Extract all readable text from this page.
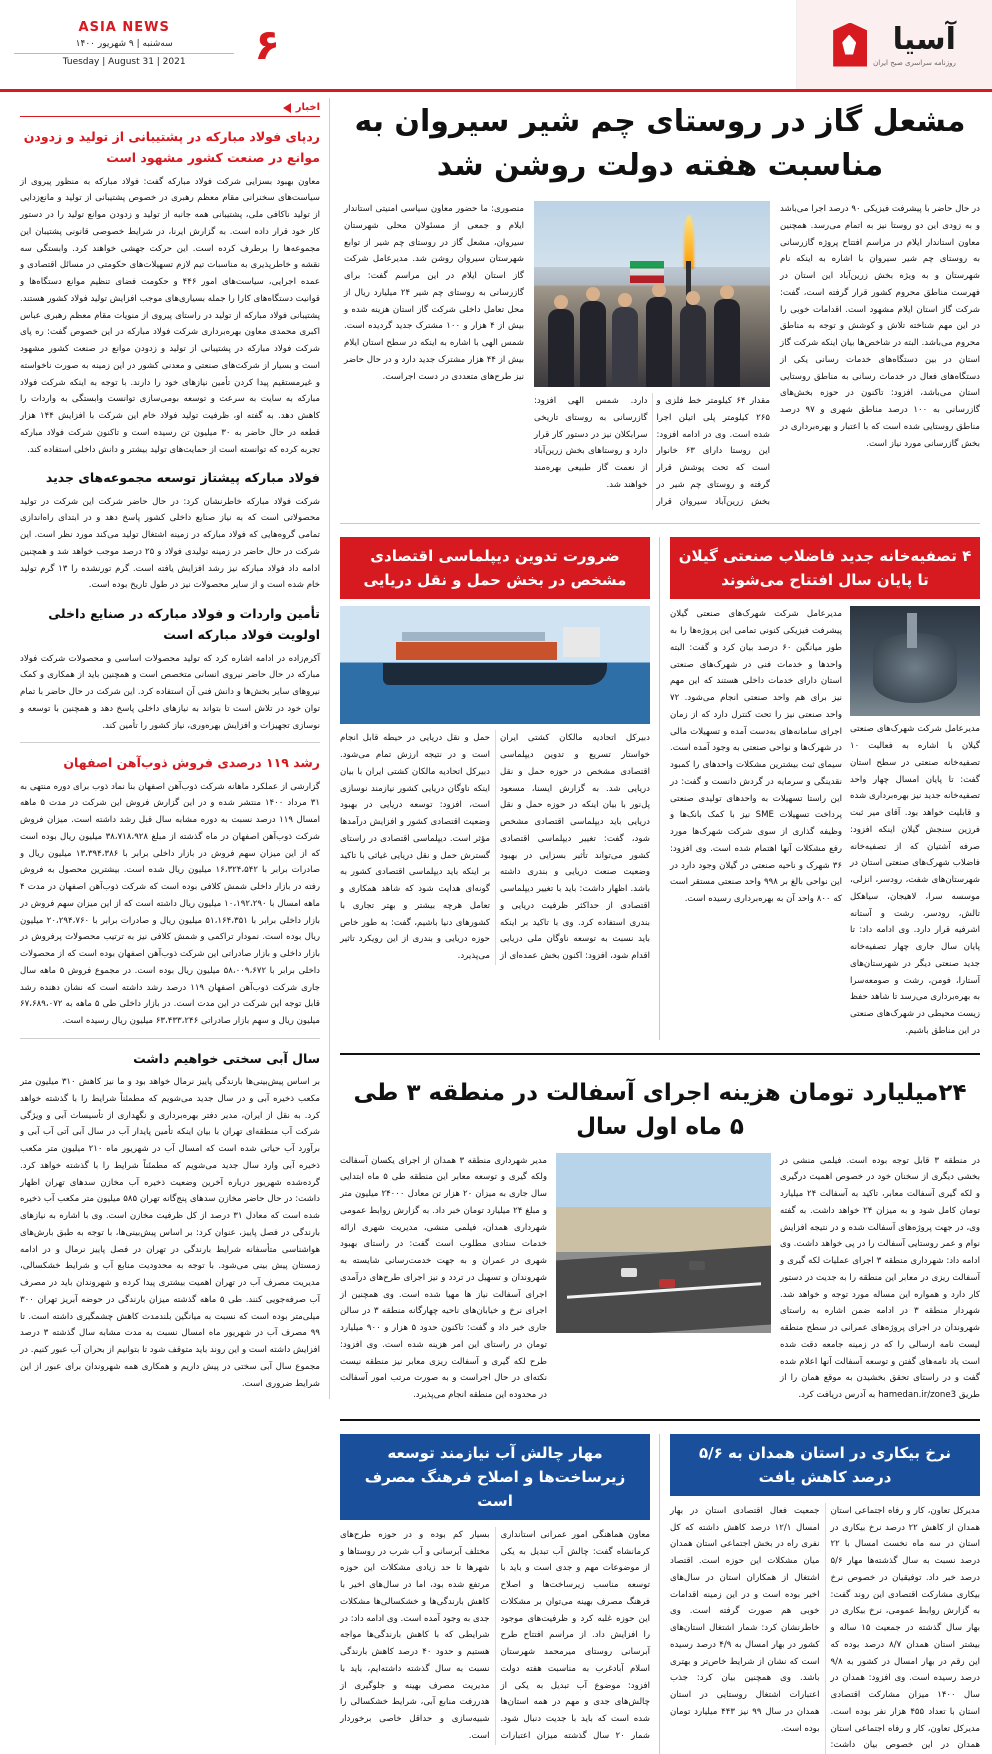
آسیا
روزنامه سراسری صبح ایران
۶
ASIA NEWS
سه‌شنبه | ۹ شهریور ۱۴۰۰
Tuesday | August 31 | 2021
مشعل گاز در روستای چم شیر سیروان به مناسبت هفته دولت روشن شد
در حال حاضر با پیشرفت فیزیکی ۹۰ درصد اجرا می‌باشد و به زودی این دو روستا نیز به اتمام می‌رسد. همچنین معاون استاندار ایلام در مراسم افتتاح پروژه گازرسانی به روستای چم شیر سیروان با اشاره به اینکه نام شهرستان و به ویژه بخش زرین‌آباد این استان در فهرست مناطق محروم کشور قرار گرفته است، گفت: شرکت گاز استان ایلام مشهود است. اقدامات خوبی را در این مهم شناخته تلاش و کوشش و توجه به مناطق محروم می‌باشد. البته در شاخص‌ها بیان اینکه شرکت گاز استان در بین دستگاه‌های خدمات رسانی یکی از دستگاه‌های فعال در خدمات رسانی به مناطق روستایی استان می‌باشد، افزود: تاکنون در حوزه بخش‌های گازرسانی به ۱۰۰ درصد مناطق شهری و ۹۷ درصد مناطق روستایی شده است که با اعتبار و بهره‌برداری در بخش گازرسانی مورد نیاز است.
مقدار ۶۴ کیلومتر خط فلزی و ۲۶۵ کیلومتر پلی اتیلن اجرا شده است. وی در ادامه افزود: این روستا دارای ۶۳ خانوار است که تحت پوشش قرار گرفته و روستای چم شیر در بخش زرین‌آباد سیروان قرار دارد. شمس الهی افزود: گازرسانی به روستای تاریخی سرابکلان نیز در دستور کار قرار دارد و روستاهای بخش زرین‌آباد از نعمت گاز طبیعی بهره‌مند خواهند شد.
منصوری: ما حضور معاون سیاسی امنیتی استاندار ایلام و جمعی از مسئولان محلی شهرستان سیروان، مشعل گاز در روستای چم شیر از توابع شهرستان سیروان روشن شد. مدیرعامل شرکت گاز استان ایلام در این مراسم گفت: برای گازرسانی به روستای چم شیر ۲۴ میلیارد ریال از محل تعامل داخلی شرکت گاز استان هزینه شده و بیش از ۴ هزار و ۱۰۰ مشترک جدید گردیده است. شمس الهی با اشاره به اینکه در سطح استان ایلام بیش از ۴۴ هزار مشترک جدید دارد و در حال حاضر نیز طرح‌های متعددی در دست اجراست.
۴ تصفیه‌خانه جدید فاضلاب صنعتی گیلان تا پایان سال افتتاح می‌شوند
مدیرعامل شرکت شهرک‌های صنعتی گیلان با اشاره به فعالیت ۱۰ تصفیه‌خانه صنعتی در سطح استان گفت: تا پایان امسال چهار واحد تصفیه‌خانه جدید نیز بهره‌برداری شده و قابلیت خواهد بود. آقای میر ثبت فرزین سنجش گیلان اینکه افزود: صرفه آشتیان که از تصفیه‌خانه فاضلاب شهرک‌های صنعتی استان در شهرستان‌های شفت، رودسر، انزلی، موسسه سرا، لاهیجان، سیاهکل تالش، رودسر، رشت و آستانه اشرفیه قرار دارد. وی ادامه داد: تا پایان سال جاری چهار تصفیه‌خانه جدید صنعتی دیگر در شهرستان‌های آستارا، فومن، رشت و صومعه‌سرا به بهره‌برداری می‌رسد تا شاهد حفظ زیست محیطی در شهرک‌های صنعتی در این مناطق باشیم.
مدیرعامل شرکت شهرک‌های صنعتی گیلان پیشرفت فیزیکی کنونی تمامی این پروژه‌ها را به طور میانگین ۶۰ درصد بیان کرد و گفت: البته واحدها و خدمات فنی در شهرک‌های صنعتی استان دارای خدمات داخلی هستند که این مهم نیز برای هم واحد صنعتی انجام می‌شود. ۷۲ واحد صنعتی نیز را تحت کنترل دارد که از زمان اجرای سامانه‌های به‌دست آمده و تسهیلات مالی در شهرک‌ها و نواحی صنعتی به وجود آمده است. سیمای ثبت بیشترین مشکلات واحدهای را کمبود نقدینگی و سرمایه در گردش دانست و گفت: در این راستا تسهیلات به واحدهای تولیدی صنعتی پرداخت تسهیلات SME نیز با کمک بانک‌ها و وظیفه گذاری از سوی شرکت شهرک‌ها مورد رفع مشکلات آنها اهتمام شده است. وی افزود: ۳۶ شهرک و ناحیه صنعتی در گیلان وجود دارد در این نواحی بالغ بر ۹۹۸ واحد صنعتی مستقر است که ۸۰۰ واحد آن به بهره‌برداری رسیده است.
ضرورت تدوین دیپلماسی اقتصادی مشخص در بخش حمل و نقل دریایی
دبیرکل اتحادیه مالکان کشتی ایران خواستار تسریع و تدوین دیپلماسی اقتصادی مشخص در حوزه حمل و نقل دریایی شد. به گزارش ایسنا، مسعود پل‌نور با بیان اینکه در حوزه حمل و نقل دریایی باید دیپلماسی اقتصادی مشخص شود، گفت: تغییر دیپلماسی اقتصادی کشور می‌تواند تأثیر بسزایی در بهبود وضعیت صنعت دریایی و بندری داشته باشد. اظهار داشت: باید با تغییر دیپلماسی اقتصادی از حداکثر ظرفیت دریایی و بندری استفاده کرد. وی با تاکید بر اینکه باید نسبت به توسعه ناوگان ملی دریایی اقدام شود، افزود: اکنون بخش عمده‌ای از حمل و نقل دریایی در حیطه قابل انجام است و در نتیجه ارزش تمام می‌شود. دبیرکل اتحادیه مالکان کشتی ایران با بیان اینکه ناوگان دریایی کشور نیازمند نوسازی است، افزود: توسعه دریایی در بهبود وضعیت اقتصادی کشور و افزایش درآمدها مؤثر است. دیپلماسی اقتصادی در راستای گسترش حمل و نقل دریایی غیاثی با تاکید بر اینکه باید دیپلماسی اقتصادی کشور به گونه‌ای هدایت شود که شاهد همکاری و تعامل هرچه بیشتر و بهتر تجاری با کشورهای دنیا باشیم، گفت: به طور خاص حوزه دریایی و بندری از این رویکرد تاثیر می‌پذیرد.
۲۴میلیارد تومان هزینه اجرای آسفالت در منطقه ۳ طی ۵ ماه اول سال
در منطقه ۳ قابل توجه بوده است. فیلمی منشی در بخشی دیگری از سخنان خود در خصوص اهمیت درگیری و لکه گیری آسفالت معابر، تاکید به آسفالت ۲۴ میلیارد تومان کامل شود و به میزان ۲۴ خواهد داشت. به گفته وی، در جهت پروژه‌های آسفالت شده و در نتیجه افزایش نوام و عمر روستایی آسفالت را در پی خواهد داشت. وی ادامه داد: شهرداری منطقه ۳ اجرای عملیات لکه گیری و آسفالت ریزی در معابر این منطقه را به جدیت در دستور کار دارد و همواره این مساله مورد توجه و خواهد شد. شهردار منطقه ۳ در ادامه ضمن اشاره به راستای شهروندان در اجرای پروژه‌های عمرانی در سطح منطقه لیست نامه ارسالی را که در زمینه جامعه دقت شده است یاد نامه‌های گفتن و توسعه آسفالت آنها اعلام شده گفت و در راستای تحقق بخشیدن به موقع همان را از طریق hamedan.ir/zone3 به آدرس دریافت کرد.
مدیر شهرداری منطقه ۳ همدان از اجرای یکسان آسفالت ولکه گیری و توسعه معابر این منطقه طی ۵ ماه ابتدایی سال جاری به میزان ۲۰ هزار تن معادل ۲۴۰۰۰ میلیون متر و مبلغ ۲۴ میلیارد تومان خبر داد. به گزارش روابط عمومی شهرداری همدان، فیلمی منشی، مدیریت شهری ارائه خدمات ستادی مطلوب است گفت: در راستای بهبود شهری در عمران و به جهت خدمت‌رسانی شایسته به شهروندان و تسهیل در تردد و نیز اجرای طرح‌های درآمدی اجرای آسفالت نیاز ها مهیا شده است. وی همچنین از اجرای نرخ و خیابان‌های ناحیه چهارگانه منطقه ۳ در سالن جاری خبر داد و گفت: تاکنون حدود ۵ هزار و ۹۰۰ میلیارد تومان در راستای این امر هزینه شده است. وی افزود: طرح لکه گیری و آسفالت ریزی معابر نیز منطقه نیست نکته‌ای در حال اجراست و به صورت مرتب امور آسفالت در محدوده این منطقه انجام می‌پذیرد.
نرخ بیکاری در استان همدان به ۵/۶ درصد کاهش یافت
مدیرکل تعاون، کار و رفاه اجتماعی استان همدان از کاهش ۲۲ درصد نرخ بیکاری در استان در سه ماه نخست امسال با ۲۲ درصد نسبت به سال گذشته‌ها مهار ۵/۶ درصد خبر داد. توفیقیان در خصوص نرخ بیکاری مشارکت اقتصادی این روند گفت: به گزارش روابط عمومی، نرخ بیکاری در بهار سال گذشته در جمعیت ۱۵ ساله و بیشتر استان همدان ۸/۷ درصد بوده که این رقم در بهار امسال در کشور به ۹/۸ درصد رسیده است. وی افزود: همدان در سال ۱۴۰۰ میزان مشارکت اقتصادی استان با تعداد ۴۵۵ هزار نفر بوده است. مدیرکل تعاون، کار و رفاه اجتماعی استان همدان در این خصوص بیان داشت: جمعیت فعال اقتصادی استان در بهار امسال ۱۲/۱ درصد کاهش داشته که کل نفری راه در بخش اجتماعی استان همدان میان مشکلات این حوزه است. اقتصاد اشتغال از همکاران استان در سال‌های اخیر بوده است و در این زمینه اقدامات خوبی هم صورت گرفته است. وی خاطرنشان کرد: شمار اشتغال استان‌های کشور در بهار امسال به ۴/۹ درصد رسیده است که نشان از شرایط خاص‌تر و بهتری باشد. وی همچنین بیان کرد: جذب اعتبارات اشتغال روستایی در استان همدان در سال ۹۹ نیز ۴۴۳ میلیارد تومان بوده است.
مهار چالش آب نیازمند توسعه زیرساخت‌ها و اصلاح فرهنگ مصرف است
معاون هماهنگی امور عمرانی استانداری کرمانشاه گفت: چالش آب تبدیل به یکی از موضوعات مهم و جدی است و باید با توسعه مناسب زیرساخت‌ها و اصلاح فرهنگ مصرف بهینه می‌توان بر مشکلات این حوزه غلبه کرد و ظرفیت‌های موجود را افزایش داد. از مراسم افتتاح طرح آبرسانی روستای میرمحمد شهرستان اسلام آبادغرب به مناسبت هفته دولت افزود: موضوع آب تبدیل به یکی از چالش‌های جدی و مهم در همه استان‌ها شده است که باید با جدیت دنبال شود. شمار ۲۰ سال گذشته میزان اعتبارات بسیار کم بوده و در حوزه طرح‌های مختلف آبرسانی و آب شرب در روستاها و شهرها تا حد زیادی مشکلات این حوزه مرتفع شده بود، اما در سال‌های اخیر با کاهش بارندگی‌ها و خشکسالی‌ها مشکلات جدی به وجود آمده است. وی ادامه داد: در شرایطی که با کاهش بارندگی‌ها مواجه هستیم و حدود ۴۰ درصد کاهش بارندگی نسبت به سال گذشته داشته‌ایم، باید با مدیریت مصرف بهینه و جلوگیری از هدررفت منابع آبی، شرایط خشکسالی را شبیه‌سازی و حداقل خاصی برخوردار است.
اخبار
ردپای فولاد مبارکه در پشتیبانی از تولید و زدودن موانع در صنعت کشور مشهود است
معاون بهبود بسزایی شرکت فولاد مبارکه گفت: فولاد مبارکه به منظور پیروی از سیاست‌های سخنرانی مقام معظم رهبری در خصوص پشتیبانی از تولید و مانع‌زدایی از تولید ناکافی ملی، پشتیبانی همه جانبه از تولید و زدودن موانع تولید را در دستور کار خود قرار داده است. به گزارش ایرنا، در شرایط خصوصی قانونی پشتیبان این مجموعه‌ها را برطرف کرده است. این حرکت جهشی خواهند کرد. وابستگی سه نقشه و خاطرپذیری به مناسبات تیم لازم تسهیلات‌های حکومتی در مسائل اقتصادی و عمده اجرایی، سیاست‌های امور ۴۴۶ و حکومت فضای تنظیم موانع دستگاه‌ها و قوانیت دستگاه‌های کارا را جمله بسیاری‌های موجب افزایش تولید فولاد کشور هستند. پشتیبانی فولاد مبارکه از تولید در راستای پیروی از منویات مقام معظم رهبری عباس اکبری محمدی معاون بهره‌برداری شرکت فولاد مبارکه در این خصوص گفت: ره پای شرکت فولاد مبارکه در پشتیبانی از تولید و زدودن موانع در صنعت کشور مشهود است و بسیار از شرکت‌های صنعتی و معدنی کشور در این زمینه به صورت ناخواسته و غیرمستقیم پیدا کردن تأمین نیازهای خود را دارند. با توجه به اینکه شرکت فولاد مبارکه به سایت به سرعت و توسعه بومی‌سازی توانست وابستگی به واردات را کاهش دهد. به گفته او، ظرفیت تولید فولاد خام این شرکت با افزایش ۱۴۴ هزار قطعه در حال حاضر به ۳۰ میلیون تن رسیده است و تاکنون شرکت فولاد مبارکه تجربه کرده که توانسته است از حمایت‌های تولید بیشتر و دانش داخلی استفاده کند.
فولاد مبارکه پیشتاز توسعه مجموعه‌های جدید
شرکت فولاد مبارکه خاطرنشان کرد: در حال حاضر شرکت این شرکت در تولید محصولاتی است که به نیاز صنایع داخلی کشور پاسخ دهد و در ابتدای راه‌اندازی تمامی گروه‌هایی که فولاد مبارکه در زمینه اشتغال تولید می‌کند مورد نظر است. این شرکت در حال حاضر در زمینه تولیدی فولاد و ۲۵ درصد موجب خواهد شد و همچنین ادامه داد فولاد مبارکه نیز رشد افزایش یافته است. گرم تورنشده را ۱۳ گرم تولید خام شده است و از سایر محصولات نیز در طول تاریخ بوده است.
تأمین واردات و فولاد مبارکه در صنایع داخلی اولویت فولاد مبارکه است
آکرم‌زاده در ادامه اشاره کرد که تولید محصولات اساسی و محصولات شرکت فولاد مبارکه در حال حاضر نیروی انسانی متخصص است و همچنین باید از همکاری و کمک نیروهای سایر بخش‌ها و دانش فنی آن استفاده کرد. این شرکت در حال حاضر با تمام توان خود در تلاش است تا بتواند به نیازهای داخلی پاسخ دهد و همچنین با توسعه و نوسازی تجهیزات و افزایش بهره‌وری، نیاز کشور را تأمین کند.
رشد ۱۱۹ درصدی فروش ذوب‌آهن اصفهان
گزارشی از عملکرد ماهانه شرکت ذوب‌آهن اصفهان بنا نماد ذوب برای دوره منتهی به ۳۱ مرداد ۱۴۰۰ منتشر شده و در این گزارش فروش این شرکت در مدت ۵ ماهه امسال ۱۱۹ درصد نسبت به دوره مشابه سال قبل رشد داشته است. میزان فروش شرکت ذوب‌آهن اصفهان در ماه گذشته از مبلغ ۳۸،۷۱۸،۹۲۸ میلیون ریال بوده است که از این میزان سهم فروش در بازار داخلی برابر با ۱۳،۳۹۴،۳۸۶ میلیون ریال و صادرات برابر با ۱۶،۳۲۴،۵۴۲ میلیون ریال شده است. بیشترین محصول به فروش رفته در بازار داخلی شمش کلافی بوده است که شرکت ذوب‌آهن اصفهان در مدت ۴ ماهه امسال با ۱۰،۱۹۲،۲۹۰ میلیون ریال داشته است که از این میزان سهم فروش در بازار داخلی برابر با ۵۱،۱۶۴،۳۵۱ میلیون ریال و صادرات برابر با ۲۰،۲۹۴،۷۶۰ میلیون ریال بوده است. نمودار تراکمی و شمش کلافی نیز به ترتیب محصولات پرفروش در بازار داخلی و بازار صادراتی این شرکت ذوب‌آهن اصفهان بوده است که از محصولات داخلی برابر با ۵۸،۰۰۹،۶۷۲ میلیون ریال بوده است. در مجموع فروش ۵ ماهه سال جاری شرکت ذوب‌آهن اصفهان ۱۱۹ درصد رشد داشته است که نشان دهنده رشد قابل توجه این شرکت در این مدت است. در بازار داخلی طی ۵ ماهه به ۶۷،۶۸۹،۰۷۲ میلیون ریال و سهم بازار صادراتی ۶۳،۴۳۳،۲۴۶ میلیون ریال رسیده است.
سال آبی سختی خواهیم داشت
بر اساس پیش‌بینی‌ها بارندگی پاییز نرمال خواهد بود و ما نیز کاهش ۳۱۰ میلیون متر مکعب ذخیره آبی و در سال جدید می‌شویم که مطمئناً شرایط را با گذشته خواهد کرد. به نقل از ایران، مدیر دفتر بهره‌برداری و نگهداری از تأسیسات آبی و ویژگی شرکت آب منطقه‌ای تهران با بیان اینکه تأمین پایدار آب در سال آبی آتی آب آبی و برآورد آب حیاتی شده است که امسال آب در شهریور ماه ۲۱۰ میلیون متر مکعب ذخیره آبی وارد سال جدید می‌شویم که مطمئناً شرایط را با گذشته خواهد کرد. گرده‌شده شهریور درباره آخرین وضعیت ذخیره آب مخازن سدهای تهران اظهار داشت: در حال حاضر مخازن سدهای پنج‌گانه تهران ۵۸۵ میلیون متر مکعب آب ذخیره شده است که معادل ۳۱ درصد از کل ظرفیت مخازن است. وی با اشاره به نیازهای بارندگی در فصل پاییز، عنوان کرد: بر اساس پیش‌بینی‌ها، با توجه به طبق بارش‌های هواشناسی متأسفانه شرایط بارندگی در تهران در فصل پاییز نرمال و در ادامه زمستان پیش بینی می‌شود. با توجه به محدودیت منابع آب و شرایط خشکسالی، مدیریت مصرف آب در تهران اهمیت بیشتری پیدا کرده و شهروندان باید در مصرف آب صرفه‌جویی کنند. طی ۵ ماهه گذشته میزان بارندگی در حوضه آبریز تهران ۳۰۰ میلی‌متر بوده است که نسبت به میانگین بلندمدت کاهش چشمگیری داشته است. تا ۹۹ مصرف آب در شهریور ماه امسال نسبت به مدت مشابه سال گذشته ۳ درصد افزایش داشته است و این روند باید متوقف شود تا بتوانیم از بحران آب عبور کنیم. در مجموع سال آبی سختی در پیش داریم و همکاری همه شهروندان برای عبور از این شرایط ضروری است.
